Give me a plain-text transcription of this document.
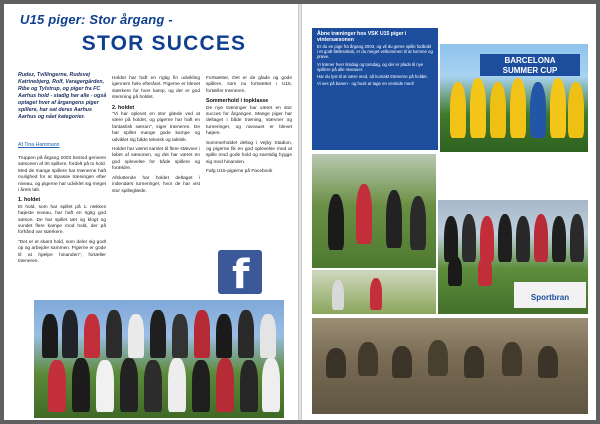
U15 piger: Stor årgang -
STOR SUCCES
Rudez, Tvillingerne, Rudsvej Katrinebjerg, Rolf, Varagergården, Ribe og Tylstrup, og piger fra FC Aarhus hold - stadig har alle - også optaget hver af årgangens piger spillere, har sat deres Aarhus Aarhus og nået kategorier.
Af Tina Hammann

Truppen på årgang 2003 bestod gennem sæsonen af 30 spillere, fordelt på to hold. Med de mange spillere har trænerne haft mulighed for at tilpasse træningen efter niveau, og pigerne har udviklet sig meget i årets løb.

1. holdet

Et hold, som har spillet på 1. rækkes højeste niveau, har haft en rigtig god sæson. De har spillet tæt og klogt og vundet flere kampe mod hold, der på forhånd var stærkere.

"Det er et skønt hold, som deler sig godt op og arbejder sammen. Pigerne er gode til at hjælpe hinanden", fortæller træneren.

Holdet har haft en rigtig fin udvikling igennem hele efteråret. Pigerne er blevet stærkere for hver kamp, og der er god stemning på holdet.

2. holdet

"Vi har oplevet en stor glæde ved at være på holdet, og pigerne har haft en fantastisk sæson", siger træneren. De har spillet mange gode kampe og udviklet sig både teknisk og taktisk.

Holdet har været samlet til flere stævner i løbet af sæsonen, og det har været en god oplevelse for både spillere og forældre.

Afsluttende har holdet deltaget i indendørs turneringer, hvor de har vist stor spilleglæde.

Fortsætter, Det er de glade og gode spillere, som nu fortsætter i U16, fortæller træneren.

Sommerhold i topklasse

De nye træninger har været en stor succes for årgangen. Mange piger har deltaget i både træning, stævner og turneringer, og niveauet er blevet højere.

Sommerholdet deltog i Vejby Stadion, og pigerne fik en god oplevelse med at spille mod gode hold og samtidig hygge sig med hinanden.

Følg U15-pigerne på Facebook

f
Åbne træninger hos VSK U15 piger i vintersæsonen

Er du en pige fra årgang 2003, og vil du gerne spille fodbold i et godt fællesskab, er du meget velkommen til at komme og prøve.

Vi træner hver tirsdag og torsdag, og der er plads til nye spillere på alle niveauer.

Har du lyst til at være med, så kontakt trænerne på holdet.

Vi ses på banen - og husk at tage en veninde med!

BARCELONA
SUMMER CUP
Sportbran
